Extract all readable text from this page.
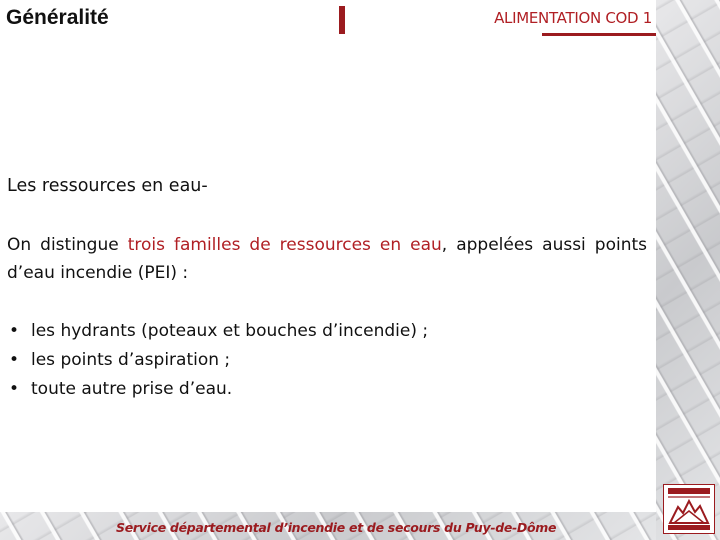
Généralité	ALIMENTATION COD 1
Les ressources en eau-

On distingue trois familles de ressources en eau, appelées aussi points d’eau incendie (PEI) :

• les hydrants (poteaux et bouches d’incendie) ;
• les points d’aspiration ;
• toute autre prise d’eau.
Service départemental d’incendie et de secours du Puy-de-Dôme
